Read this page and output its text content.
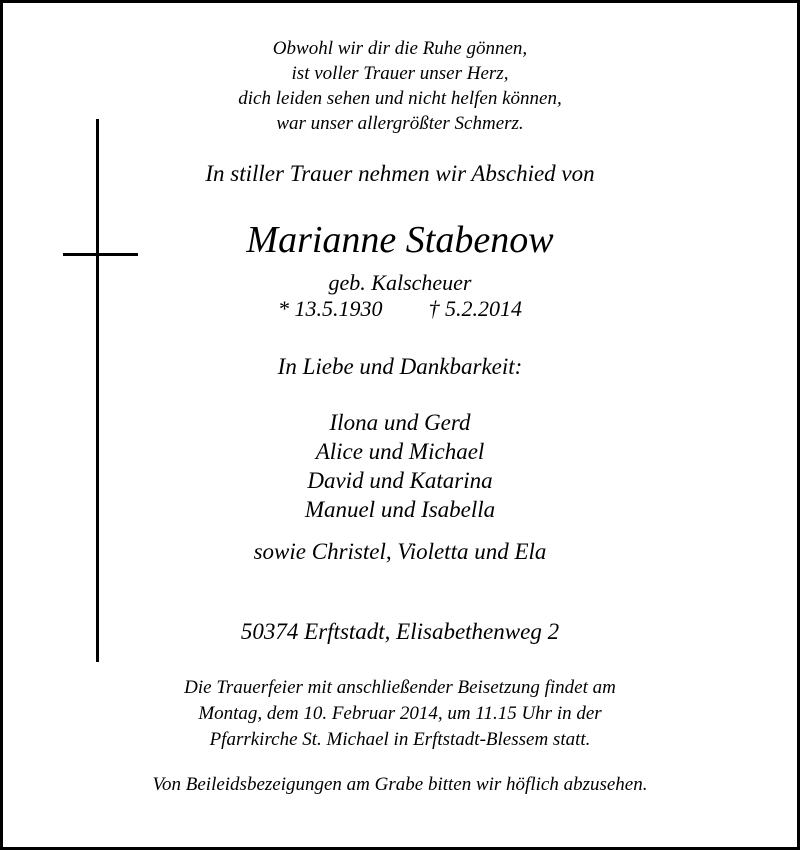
Obwohl wir dir die Ruhe gönnen,
ist voller Trauer unser Herz,
dich leiden sehen und nicht helfen können,
war unser allergrößter Schmerz.
In stiller Trauer nehmen wir Abschied von
Marianne Stabenow
geb. Kalscheuer
* 13.5.1930 † 5.2.2014
In Liebe und Dankbarkeit:
Ilona und Gerd
Alice und Michael
David und Katarina
Manuel und Isabella
sowie Christel, Violetta und Ela
50374 Erftstadt, Elisabethenweg 2
Die Trauerfeier mit anschließender Beisetzung findet am
Montag, dem 10. Februar 2014, um 11.15 Uhr in der
Pfarrkirche St. Michael in Erftstadt-Blessem statt.
Von Beileidsbezeigungen am Grabe bitten wir höflich abzusehen.
